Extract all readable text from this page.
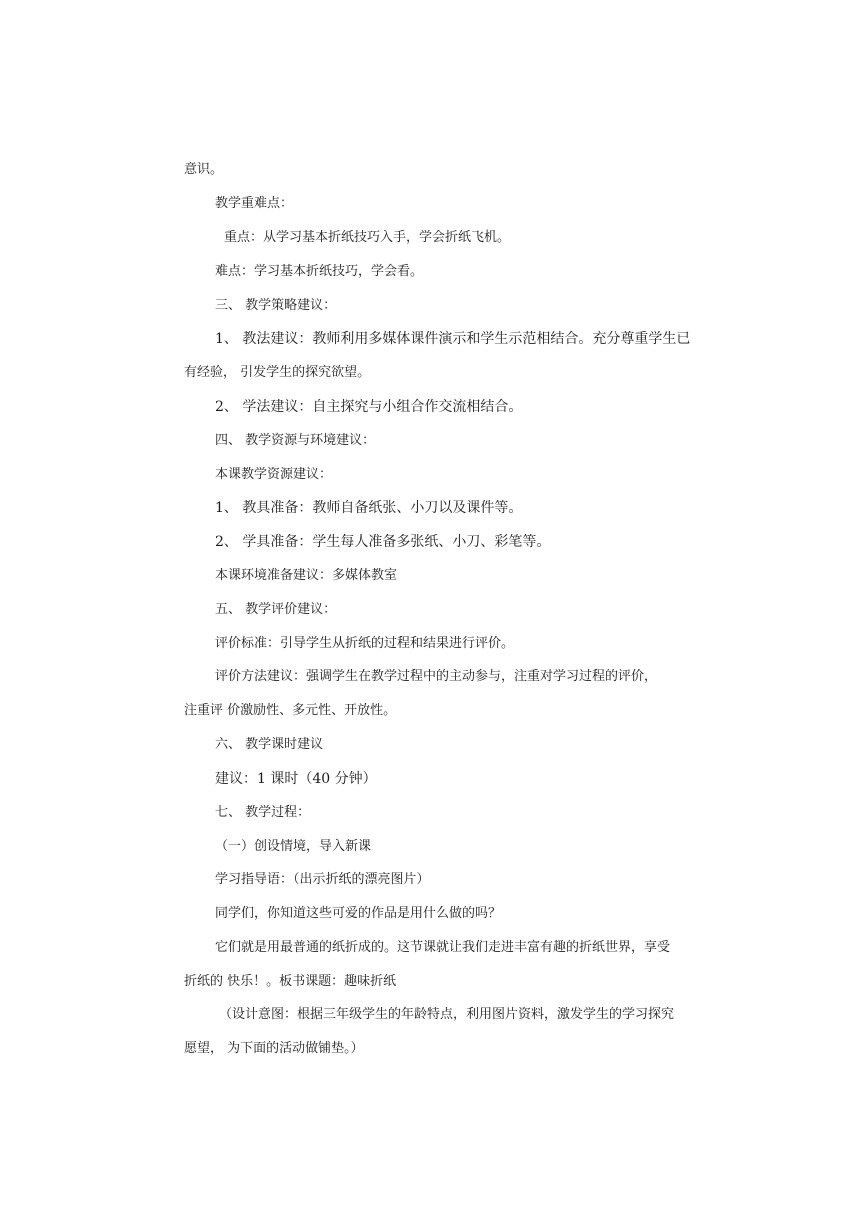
意识。
教学重难点：
重点：从学习基本折纸技巧入手，学会折纸飞机。
难点：学习基本折纸技巧，学会看。
三、 教学策略建议：
1、 教法建议：教师利用多媒体课件演示和学生示范相结合。充分尊重学生已
有经验， 引发学生的探究欲望。
2、 学法建议：自主探究与小组合作交流相结合。
四、 教学资源与环境建议：
本课教学资源建议：
1、 教具准备：教师自备纸张、小刀以及课件等。
2、 学具准备：学生每人准备多张纸、小刀、彩笔等。
本课环境准备建议：多媒体教室
五、 教学评价建议：
评价标准：引导学生从折纸的过程和结果进行评价。
评价方法建议：强调学生在教学过程中的主动参与，注重对学习过程的评价，
注重评 价激励性、多元性、开放性。
六、 教学课时建议
建议：1 课时（40 分钟）
七、 教学过程：
（一）创设情境，导入新课
学习指导语：（出示折纸的漂亮图片）
同学们，你知道这些可爱的作品是用什么做的吗？
它们就是用最普通的纸折成的。这节课就让我们走进丰富有趣的折纸世界，享受
折纸的 快乐！。板书课题：趣味折纸
（设计意图：根据三年级学生的年龄特点，利用图片资料，激发学生的学习探究
愿望， 为下面的活动做铺垫。）
